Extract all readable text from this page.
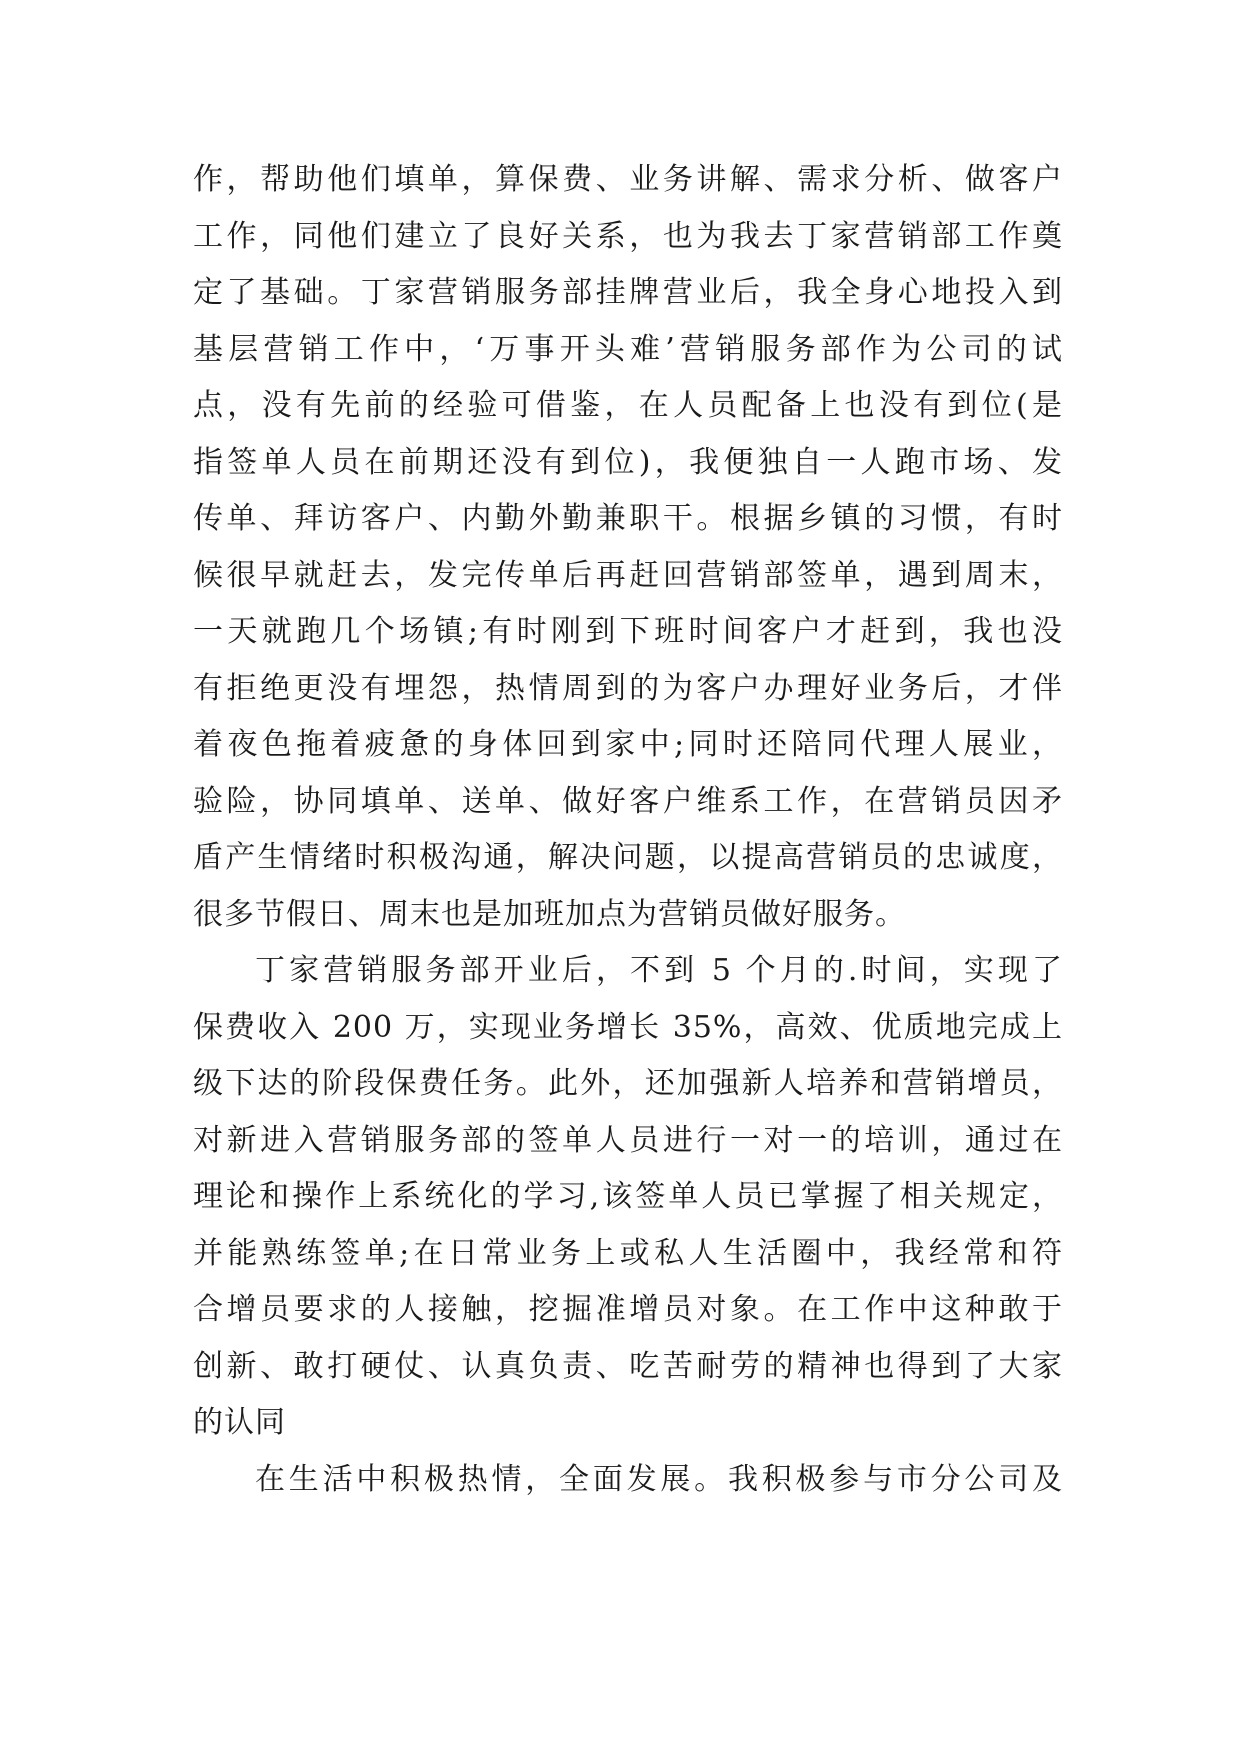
作，帮助他们填单，算保费、业务讲解、需求分析、做客户
工作，同他们建立了良好关系，也为我去丁家营销部工作奠
定了基础。丁家营销服务部挂牌营业后，我全身心地投入到
基层营销工作中，‘万事开头难’营销服务部作为公司的试
点，没有先前的经验可借鉴，在人员配备上也没有到位(是
指签单人员在前期还没有到位)，我便独自一人跑市场、发
传单、拜访客户、内勤外勤兼职干。根据乡镇的习惯，有时
候很早就赶去，发完传单后再赶回营销部签单，遇到周末，
一天就跑几个场镇;有时刚到下班时间客户才赶到，我也没
有拒绝更没有埋怨，热情周到的为客户办理好业务后，才伴
着夜色拖着疲惫的身体回到家中;同时还陪同代理人展业，
验险，协同填单、送单、做好客户维系工作，在营销员因矛
盾产生情绪时积极沟通，解决问题，以提高营销员的忠诚度，
很多节假日、周末也是加班加点为营销员做好服务。
丁家营销服务部开业后，不到 5 个月的.时间，实现了
保费收入 200 万，实现业务增长 35%，高效、优质地完成上
级下达的阶段保费任务。此外，还加强新人培养和营销增员，
对新进入营销服务部的签单人员进行一对一的培训，通过在
理论和操作上系统化的学习,该签单人员已掌握了相关规定，
并能熟练签单;在日常业务上或私人生活圈中，我经常和符
合增员要求的人接触，挖掘准增员对象。在工作中这种敢于
创新、敢打硬仗、认真负责、吃苦耐劳的精神也得到了大家
的认同
在生活中积极热情，全面发展。我积极参与市分公司及
